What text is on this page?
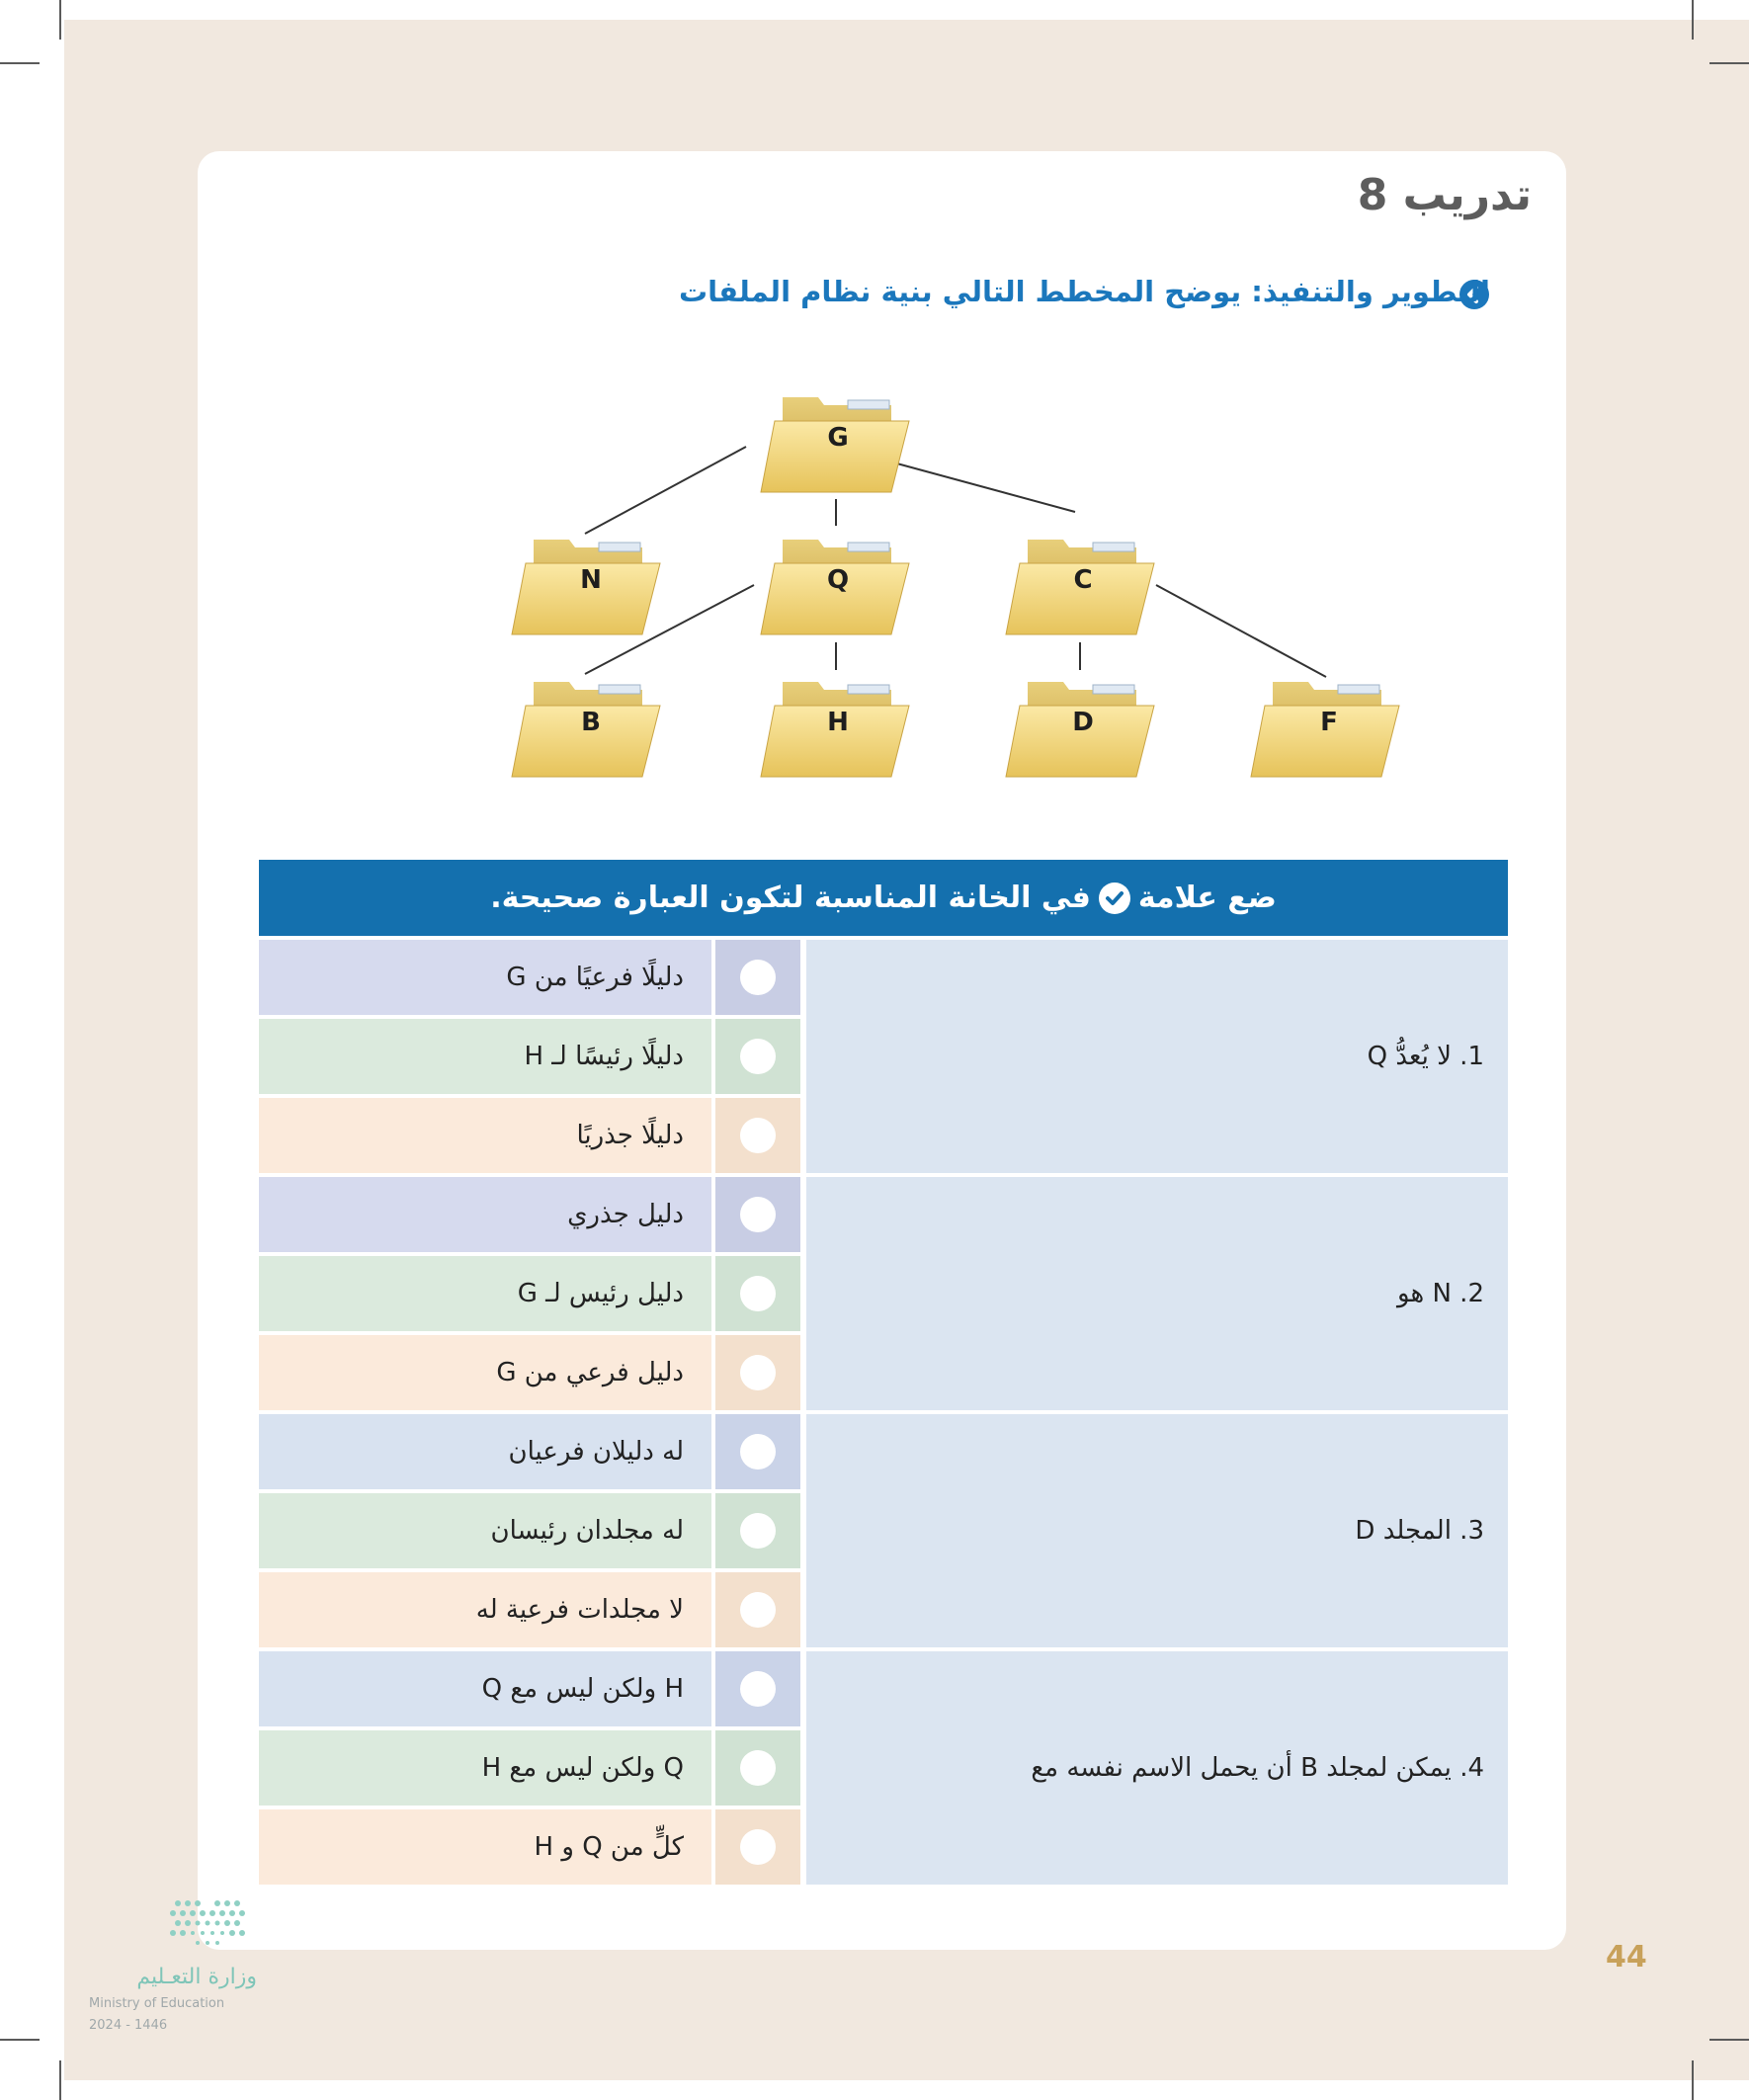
تدريب 8
التطوير والتنفيذ: يوضح المخطط التالي بنية نظام الملفات
G
N	Q	C
B	H	D	F
ضع علامة
في الخانة المناسبة لتكون العبارة صحيحة.
1. لا يُعدُّ Q
دليلًا فرعيًا من G
دليلًا رئيسًا لـ H
دليلًا جذريًا
2. N هو
دليل جذري
دليل رئيس لـ G
دليل فرعي من G
3. المجلد D
له دليلان فرعيان
له مجلدان رئيسان
لا مجلدات فرعية له
4. يمكن لمجلد B أن يحمل الاسم نفسه مع
H ولكن ليس مع Q
Q ولكن ليس مع H
كلٍّ من Q و H
وزارة التعـليم
Ministry of Education
2024 - 1446
44
